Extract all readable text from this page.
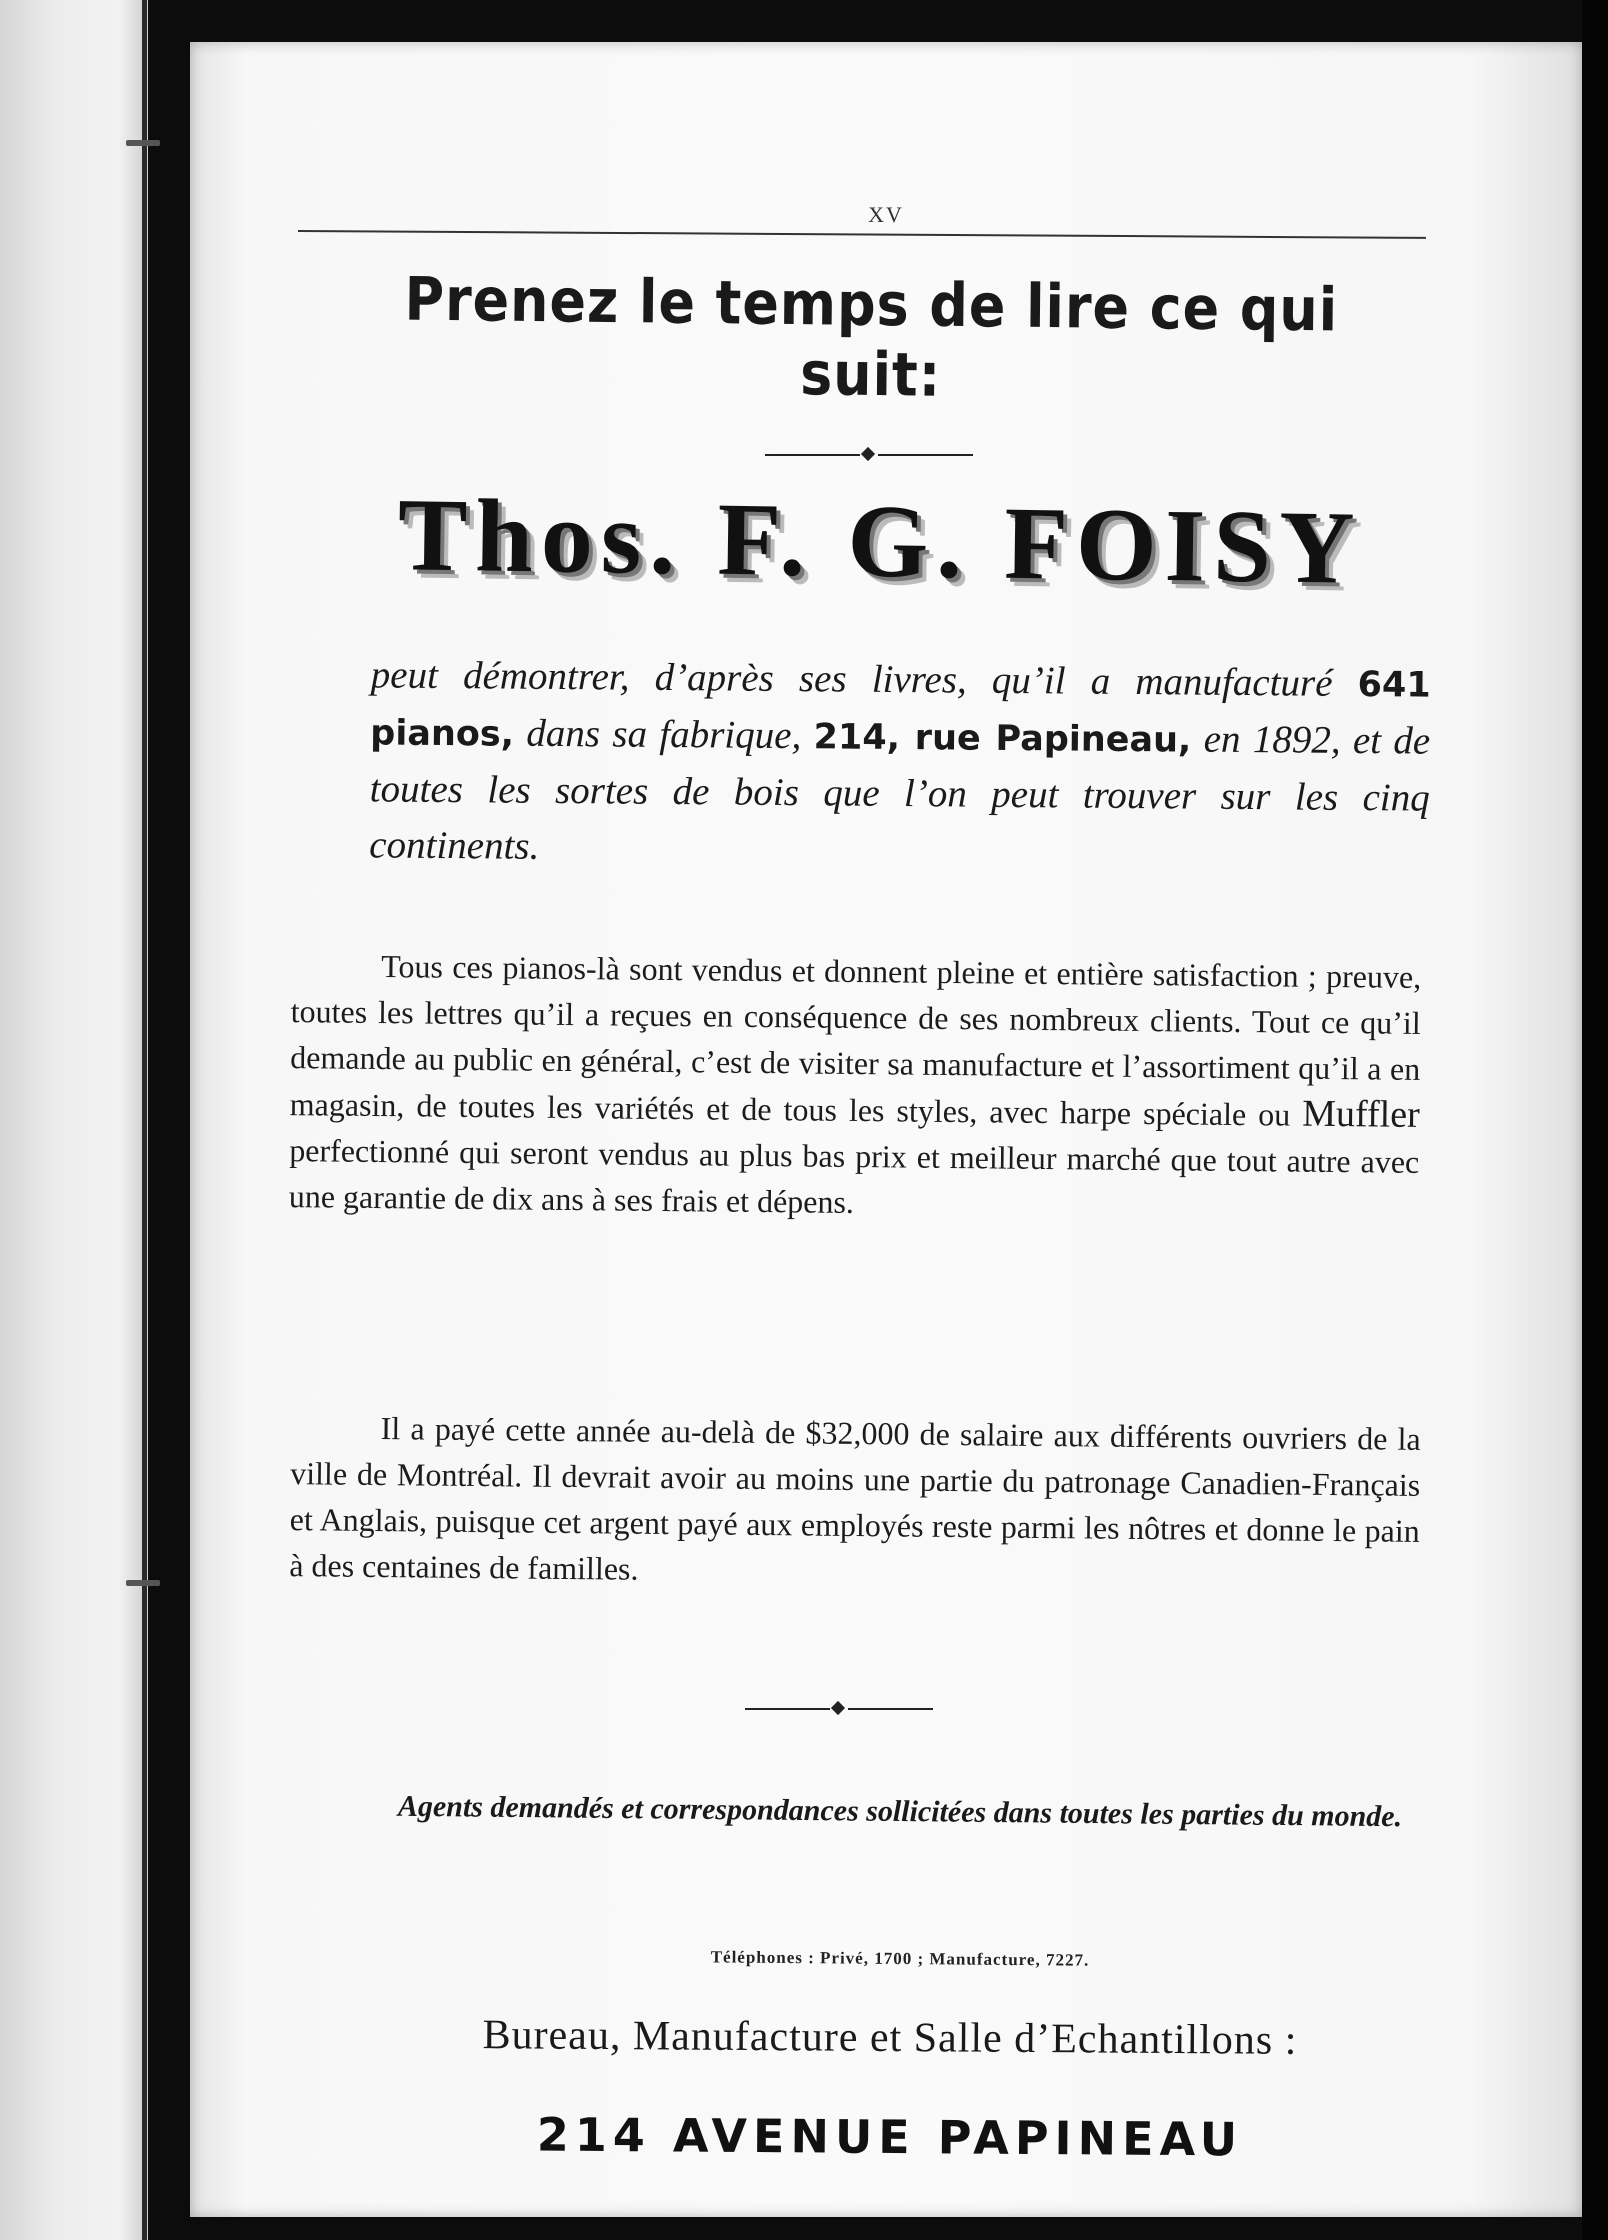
XV
Prenez le temps de lire ce qui suit:
Thos. F. G. FOISY
peut démontrer, d’après ses livres, qu’il a manufacturé 641 pianos, dans sa fabrique, 214, rue Papineau, en 1892, et de toutes les sortes de bois que l’on peut trouver sur les cinq continents.
Tous ces pianos-là sont vendus et donnent pleine et entière satisfaction ; preuve, toutes les lettres qu’il a reçues en conséquence de ses nombreux clients. Tout ce qu’il demande au public en général, c’est de visiter sa manufacture et l’assortiment qu’il a en magasin, de toutes les variétés et de tous les styles, avec harpe spéciale ou Muffler perfectionné qui seront vendus au plus bas prix et meilleur marché que tout autre avec une garantie de dix ans à ses frais et dépens.
Il a payé cette année au-delà de $32,000 de salaire aux différents ouvriers de la ville de Montréal. Il devrait avoir au moins une partie du patronage Canadien-Français et Anglais, puisque cet argent payé aux employés reste parmi les nôtres et donne le pain à des centaines de familles.
Agents demandés et correspondances sollicitées dans toutes les parties du monde.
Téléphones : Privé, 1700 ; Manufacture, 7227.
Bureau, Manufacture et Salle d’Echantillons :
214 AVENUE PAPINEAU
